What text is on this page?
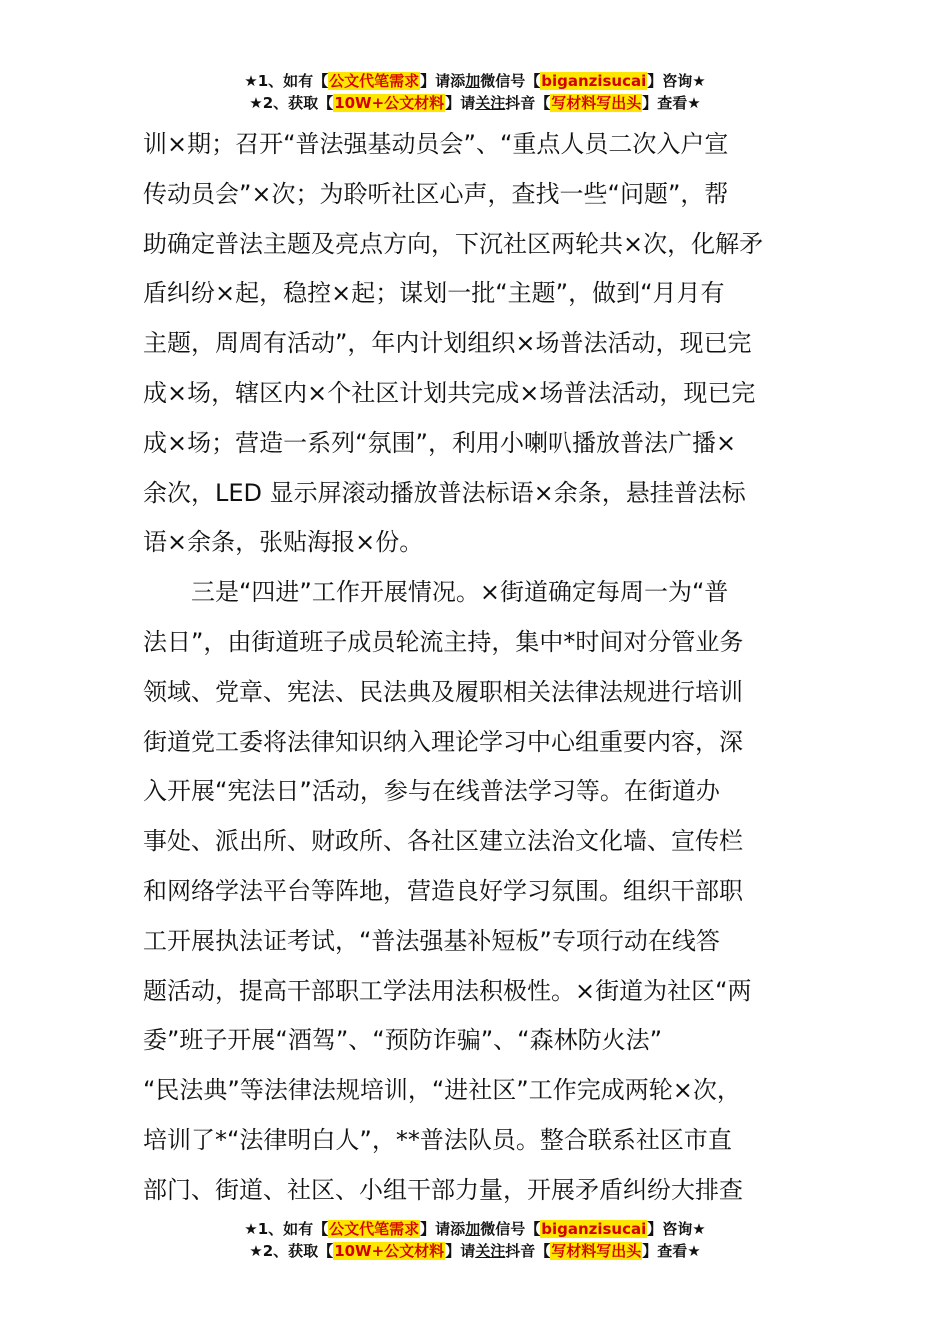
★1、如有【公文代笔需求】请添加微信号【biganzisucai】咨询★
★2、获取【10W+公文材料】请关注抖音【写材料写出头】查看★
训×期；召开“普法强基动员会”、“重点人员二次入户宣
传动员会”×次；为聆听社区心声，查找一些“问题”，帮
助确定普法主题及亮点方向，下沉社区两轮共×次，化解矛
盾纠纷×起，稳控×起；谋划一批“主题”，做到“月月有
主题，周周有活动”，年内计划组织×场普法活动，现已完
成×场，辖区内×个社区计划共完成×场普法活动，现已完
成×场；营造一系列“氛围”，利用小喇叭播放普法广播×
余次，LED 显示屏滚动播放普法标语×余条，悬挂普法标
语×余条，张贴海报×份。
　　三是“四进”工作开展情况。×街道确定每周一为“普
法日”，由街道班子成员轮流主持，集中*时间对分管业务
领域、党章、宪法、民法典及履职相关法律法规进行培训
街道党工委将法律知识纳入理论学习中心组重要内容，深
入开展“宪法日”活动，参与在线普法学习等。在街道办
事处、派出所、财政所、各社区建立法治文化墙、宣传栏
和网络学法平台等阵地，营造良好学习氛围。组织干部职
工开展执法证考试，“普法强基补短板”专项行动在线答
题活动，提高干部职工学法用法积极性。×街道为社区“两
委”班子开展“酒驾”、“预防诈骗”、“森林防火法”
“民法典”等法律法规培训，“进社区”工作完成两轮×次，
培训了*“法律明白人”，**普法队员。整合联系社区市直
部门、街道、社区、小组干部力量，开展矛盾纠纷大排查
★1、如有【公文代笔需求】请添加微信号【biganzisucai】咨询★
★2、获取【10W+公文材料】请关注抖音【写材料写出头】查看★
